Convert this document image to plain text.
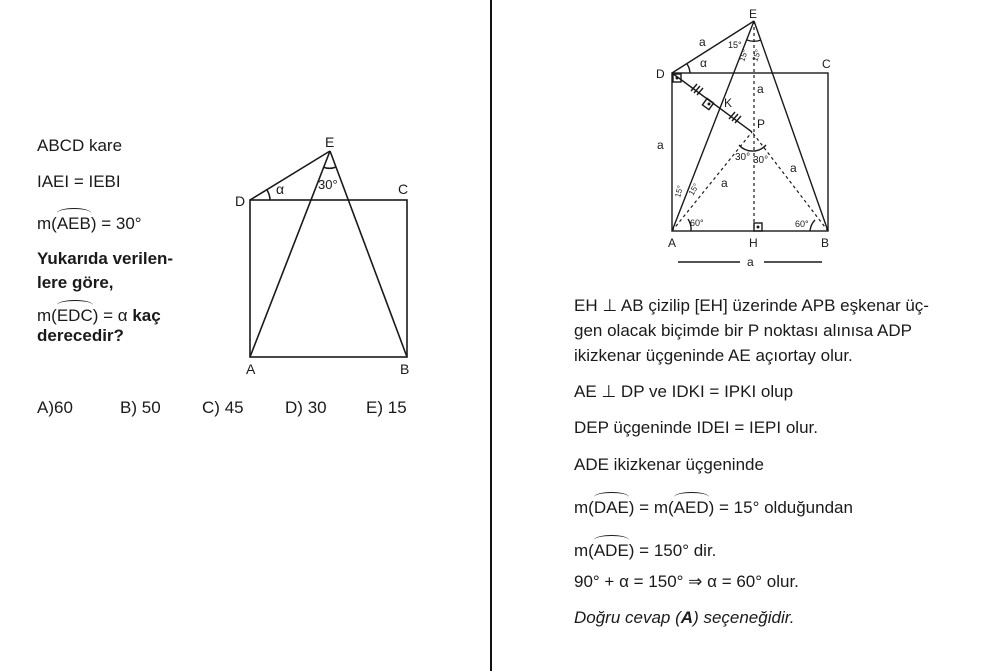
ABCD kare
IAEI = IEBI
m(AEB) = 30°
Yukarıda verilen-
lere göre,
m(EDC) = α kaç
derecedir?
E
D
C
A	B
α	30°
A)60	B) 50 C) 45 D) 30 E) 15
E
D
C
A	H	B
K
P
a
α
a
a
a
a
a
15°
15° 15°
30° 30°
15° 15°
60°	60°
EH ⊥ AB çizilip [EH] üzerinde APB eşkenar üç-
gen olacak biçimde bir P noktası alınısa ADP
ikizkenar üçgeninde AE açıortay olur.
AE ⊥ DP ve IDKI = IPKI olup
DEP üçgeninde IDEI = IEPI olur.
ADE ikizkenar üçgeninde
m(DAE) = m(AED) = 15° olduğundan
m(ADE) = 150° dir.
90° + α = 150° ⇒ α = 60° olur.
Doğru cevap (A) seçeneğidir.
